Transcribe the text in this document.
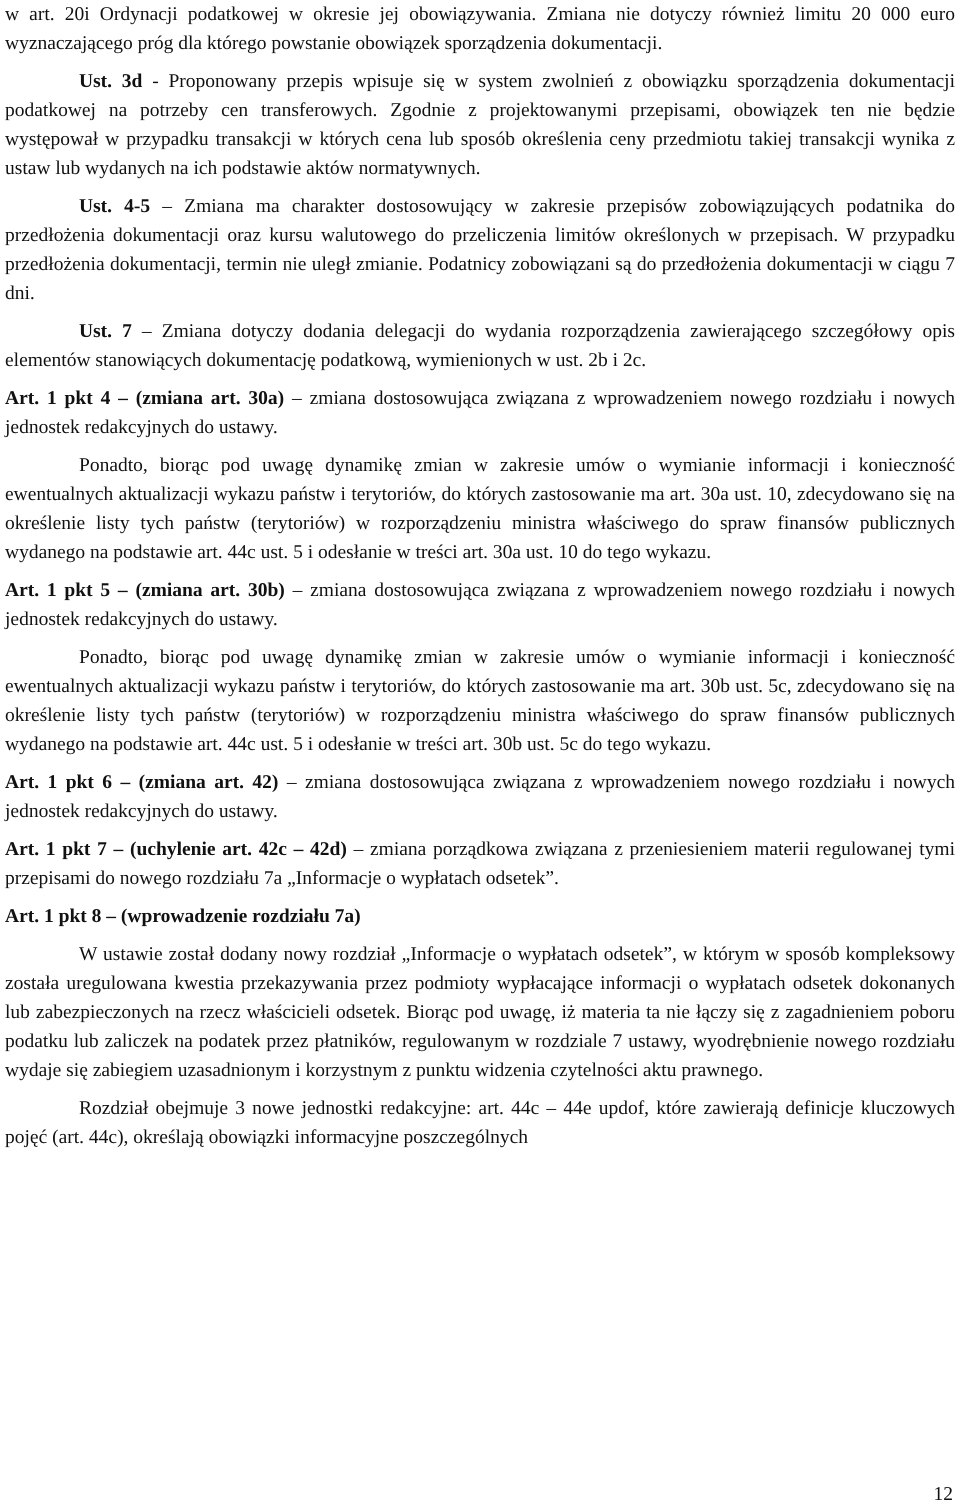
w art. 20i Ordynacji podatkowej w okresie jej obowiązywania. Zmiana nie dotyczy również limitu 20 000 euro wyznaczającego próg dla którego powstanie obowiązek sporządzenia dokumentacji.

Ust. 3d - Proponowany przepis wpisuje się w system zwolnień z obowiązku sporządzenia dokumentacji podatkowej na potrzeby cen transferowych. Zgodnie z projektowanymi przepisami, obowiązek ten nie będzie występował w przypadku transakcji w których cena lub sposób określenia ceny przedmiotu takiej transakcji wynika z ustaw lub wydanych na ich podstawie aktów normatywnych.

Ust. 4-5 – Zmiana ma charakter dostosowujący w zakresie przepisów zobowiązujących podatnika do przedłożenia dokumentacji oraz kursu walutowego do przeliczenia limitów określonych w przepisach. W przypadku przedłożenia dokumentacji, termin nie uległ zmianie. Podatnicy zobowiązani są do przedłożenia dokumentacji w ciągu 7 dni.

Ust. 7 – Zmiana dotyczy dodania delegacji do wydania rozporządzenia zawierającego szczegółowy opis elementów stanowiących dokumentację podatkową, wymienionych w ust. 2b i 2c.

Art. 1 pkt 4 – (zmiana art. 30a) – zmiana dostosowująca związana z wprowadzeniem nowego rozdziału i nowych jednostek redakcyjnych do ustawy.

Ponadto, biorąc pod uwagę dynamikę zmian w zakresie umów o wymianie informacji i konieczność ewentualnych aktualizacji wykazu państw i terytoriów, do których zastosowanie ma art. 30a ust. 10, zdecydowano się na określenie listy tych państw (terytoriów) w rozporządzeniu ministra właściwego do spraw finansów publicznych wydanego na podstawie art. 44c ust. 5 i odesłanie w treści art. 30a ust. 10 do tego wykazu.

Art. 1 pkt 5 – (zmiana art. 30b) – zmiana dostosowująca związana z wprowadzeniem nowego rozdziału i nowych jednostek redakcyjnych do ustawy.

Ponadto, biorąc pod uwagę dynamikę zmian w zakresie umów o wymianie informacji i konieczność ewentualnych aktualizacji wykazu państw i terytoriów, do których zastosowanie ma art. 30b ust. 5c, zdecydowano się na określenie listy tych państw (terytoriów) w rozporządzeniu ministra właściwego do spraw finansów publicznych wydanego na podstawie art. 44c ust. 5 i odesłanie w treści art. 30b ust. 5c do tego wykazu.

Art. 1 pkt 6 – (zmiana art. 42) – zmiana dostosowująca związana z wprowadzeniem nowego rozdziału i nowych jednostek redakcyjnych do ustawy.

Art. 1 pkt 7 – (uchylenie art. 42c – 42d) – zmiana porządkowa związana z przeniesieniem materii regulowanej tymi przepisami do nowego rozdziału 7a „Informacje o wypłatach odsetek”.

Art. 1 pkt 8 – (wprowadzenie rozdziału 7a)

W ustawie został dodany nowy rozdział „Informacje o wypłatach odsetek”, w którym w sposób kompleksowy została uregulowana kwestia przekazywania przez podmioty wypłacające informacji o wypłatach odsetek dokonanych lub zabezpieczonych na rzecz właścicieli odsetek. Biorąc pod uwagę, iż materia ta nie łączy się z zagadnieniem poboru podatku lub zaliczek na podatek przez płatników, regulowanym w rozdziale 7 ustawy, wyodrębnienie nowego rozdziału wydaje się zabiegiem uzasadnionym i korzystnym z punktu widzenia czytelności aktu prawnego.

Rozdział obejmuje 3 nowe jednostki redakcyjne: art. 44c – 44e updof, które zawierają definicje kluczowych pojęć (art. 44c), określają obowiązki informacyjne poszczególnych

12
